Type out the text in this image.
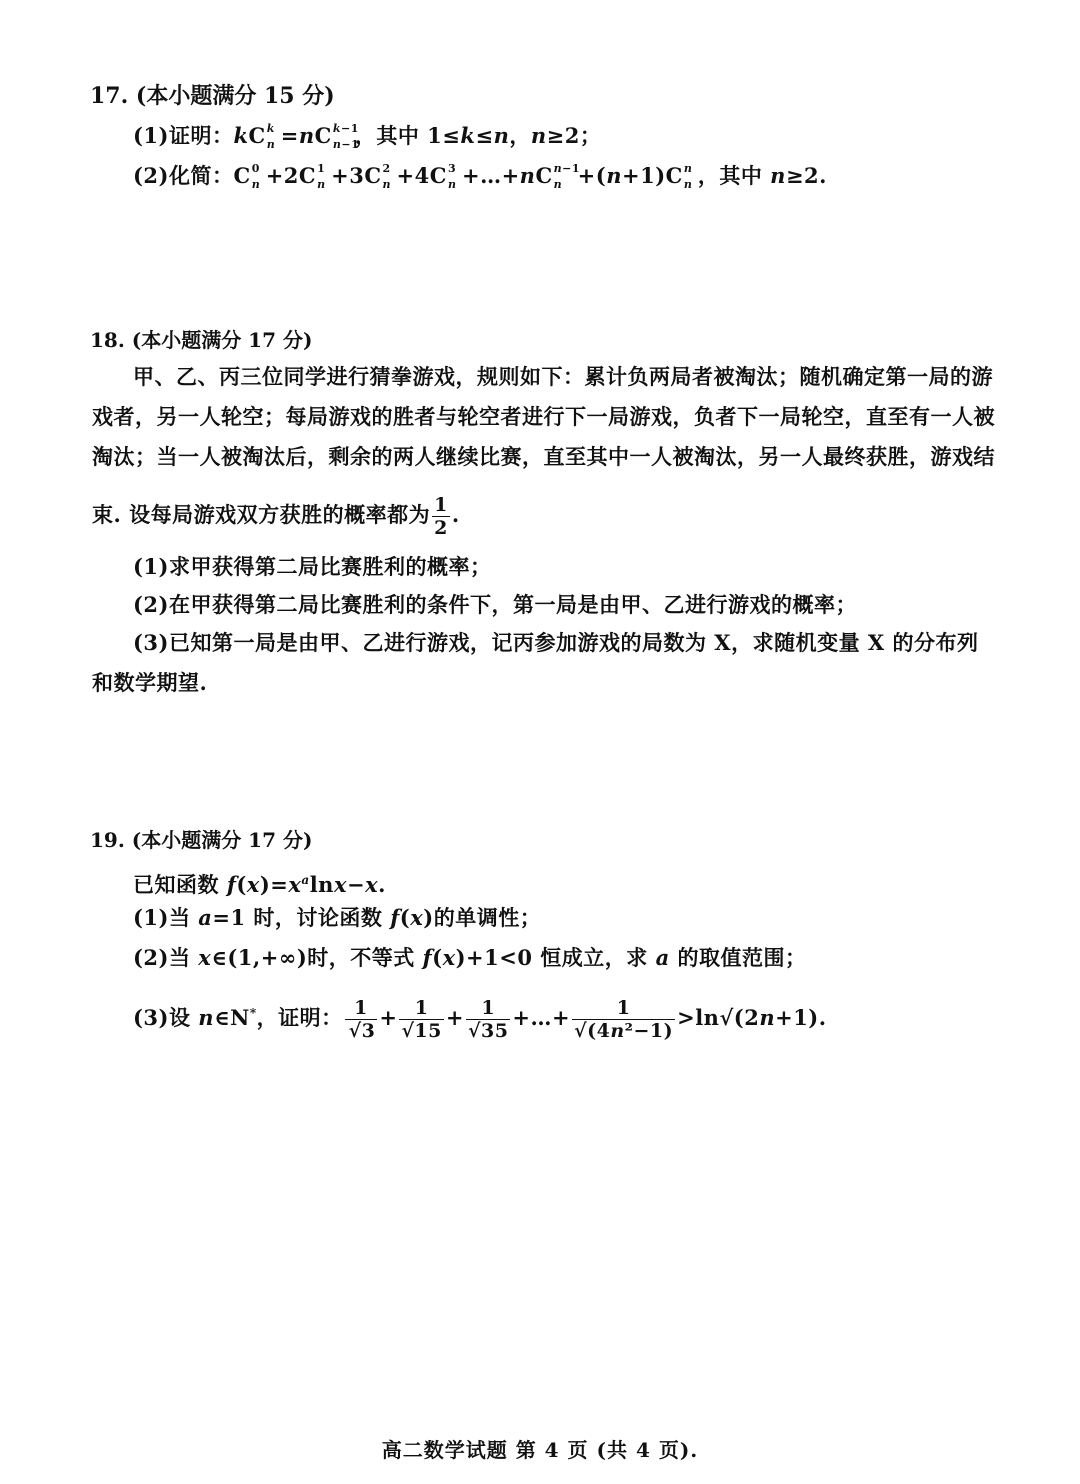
17. (本小题满分 15 分)
(1)证明：kC k
n =nC k−1
n−1
，其中 1≤k≤n，n≥2；
(2)化简：C 0
n +2C 1
n +3C 2
n +4C 3
n +…+nC n−1
n +(n+1)C n
n ，其中 n≥2.
18. (本小题满分 17 分)
甲、乙、丙三位同学进行猜拳游戏，规则如下：累计负两局者被淘汰；随机确定第一局的游
戏者，另一人轮空；每局游戏的胜者与轮空者进行下一局游戏，负者下一局轮空，直至有一人被
淘汰；当一人被淘汰后，剩余的两人继续比赛，直至其中一人被淘汰，另一人最终获胜，游戏结
束. 设每局游戏双方获胜的概率都为 $\frac{1}{2}$ .
(1)求甲获得第二局比赛胜利的概率；
(2)在甲获得第二局比赛胜利的条件下，第一局是由甲、乙进行游戏的概率；
(3)已知第一局是由甲、乙进行游戏，记丙参加游戏的局数为 X，求随机变量 X 的分布列
和数学期望.
19. (本小题满分 17 分)
已知函数 $f(x)=x^a\ln x-x$.
(1)当 a=1 时，讨论函数 f(x)的单调性；
(2)当 x∈(1,+∞)时，不等式 f(x)+1<0 恒成立，求 a 的取值范围；
(3)设 n∈N*，证明： $\frac{1}{√3} + \frac{1}{√15} + \frac{1}{√35}$ +…+ $\frac{1}{\text{√(4n²−1)}} >\ln√(2n+1)$.
高二数学试题 第 4 页 (共 4 页).
